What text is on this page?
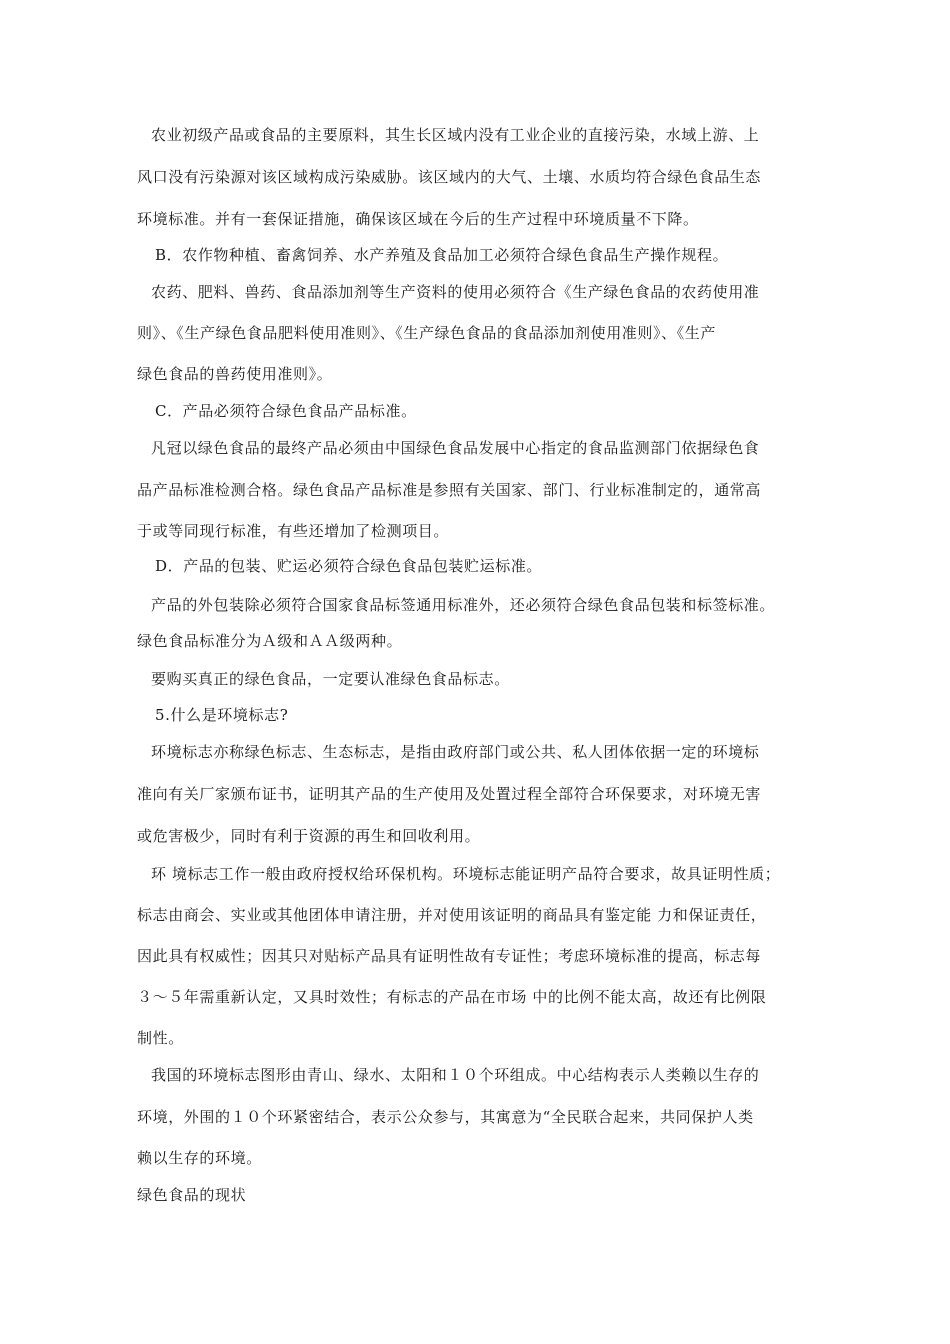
农业初级产品或食品的主要原料，其生长区域内没有工业企业的直接污染，水域上游、上
风口没有污染源对该区域构成污染威胁。该区域内的大气、土壤、水质均符合绿色食品生态
环境标准。并有一套保证措施，确保该区域在今后的生产过程中环境质量不下降。
B．农作物种植、畜禽饲养、水产养殖及食品加工必须符合绿色食品生产操作规程。
农药、肥料、兽药、食品添加剂等生产资料的使用必须符合《生产绿色食品的农药使用准
则》、《生产绿色食品肥料使用准则》、《生产绿色食品的食品添加剂使用准则》、《生产
绿色食品的兽药使用准则》。
C．产品必须符合绿色食品产品标准。
凡冠以绿色食品的最终产品必须由中国绿色食品发展中心指定的食品监测部门依据绿色食
品产品标准检测合格。绿色食品产品标准是参照有关国家、部门、行业标准制定的，通常高
于或等同现行标准，有些还增加了检测项目。
D．产品的包装、贮运必须符合绿色食品包装贮运标准。
产品的外包装除必须符合国家食品标签通用标准外，还必须符合绿色食品包装和标签标准。
绿色食品标准分为Ａ级和ＡＡ级两种。
要购买真正的绿色食品，一定要认准绿色食品标志。
5.什么是环境标志?
环境标志亦称绿色标志、生态标志，是指由政府部门或公共、私人团体依据一定的环境标
准向有关厂家颁布证书，证明其产品的生产使用及处置过程全部符合环保要求，对环境无害
或危害极少，同时有利于资源的再生和回收利用。
环 境标志工作一般由政府授权给环保机构。环境标志能证明产品符合要求，故具证明性质；
标志由商会、实业或其他团体申请注册，并对使用该证明的商品具有鉴定能 力和保证责任，
因此具有权威性；因其只对贴标产品具有证明性故有专证性；考虑环境标准的提高，标志每
３～５年需重新认定，又具时效性；有标志的产品在市场 中的比例不能太高，故还有比例限
制性。
我国的环境标志图形由青山、绿水、太阳和１０个环组成。中心结构表示人类赖以生存的
环境，外围的１０个环紧密结合，表示公众参与，其寓意为“全民联合起来，共同保护人类
赖以生存的环境。
绿色食品的现状
